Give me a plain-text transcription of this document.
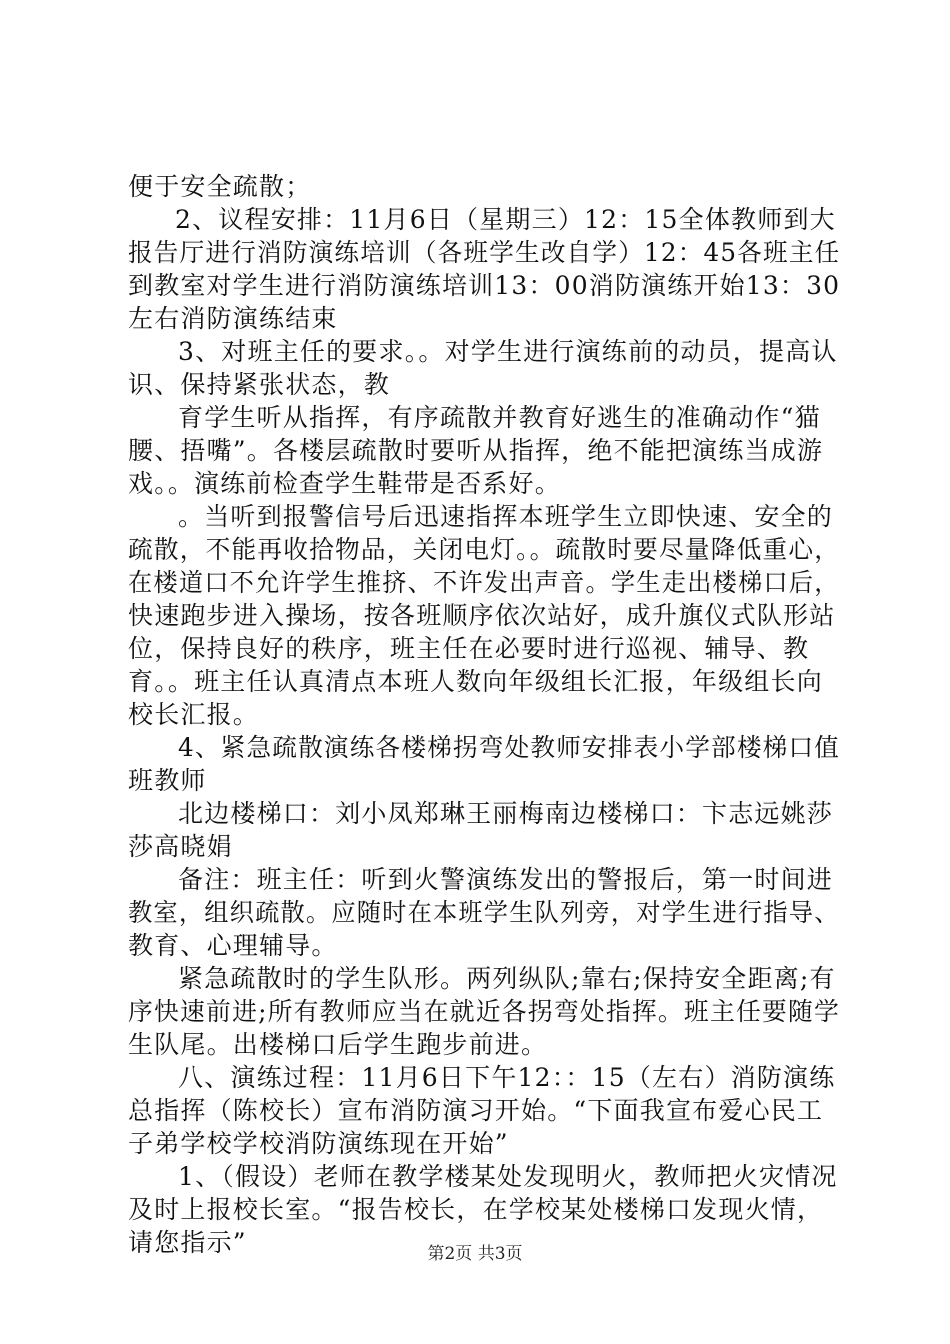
便于安全疏散；
2、议程安排：11月6日（星期三）12：15全体教师到大
报告厅进行消防演练培训（各班学生改自学）12：45各班主任
到教室对学生进行消防演练培训13：00消防演练开始13：30
左右消防演练结束
3、对班主任的要求。。对学生进行演练前的动员，提高认
识、保持紧张状态，教
育学生听从指挥，有序疏散并教育好逃生的准确动作“猫
腰、捂嘴”。各楼层疏散时要听从指挥，绝不能把演练当成游
戏。。演练前检查学生鞋带是否系好。
。当听到报警信号后迅速指挥本班学生立即快速、安全的
疏散，不能再收拾物品，关闭电灯。。疏散时要尽量降低重心，
在楼道口不允许学生推挤、不许发出声音。学生走出楼梯口后，
快速跑步进入操场，按各班顺序依次站好，成升旗仪式队形站
位，保持良好的秩序，班主任在必要时进行巡视、辅导、教
育。。班主任认真清点本班人数向年级组长汇报，年级组长向
校长汇报。
4、紧急疏散演练各楼梯拐弯处教师安排表小学部楼梯口值
班教师
北边楼梯口：刘小凤郑琳王丽梅南边楼梯口：卞志远姚莎
莎高晓娟
备注：班主任：听到火警演练发出的警报后，第一时间进
教室，组织疏散。应随时在本班学生队列旁，对学生进行指导、
教育、心理辅导。
紧急疏散时的学生队形。两列纵队;靠右;保持安全距离;有
序快速前进;所有教师应当在就近各拐弯处指挥。班主任要随学
生队尾。出楼梯口后学生跑步前进。
八、演练过程：11月6日下午12：：15（左右）消防演练
总指挥（陈校长）宣布消防演习开始。“下面我宣布爱心民工
子弟学校学校消防演练现在开始”
1、（假设）老师在教学楼某处发现明火，教师把火灾情况
及时上报校长室。“报告校长，在学校某处楼梯口发现火情，
请您指示”	第2页 共3页
